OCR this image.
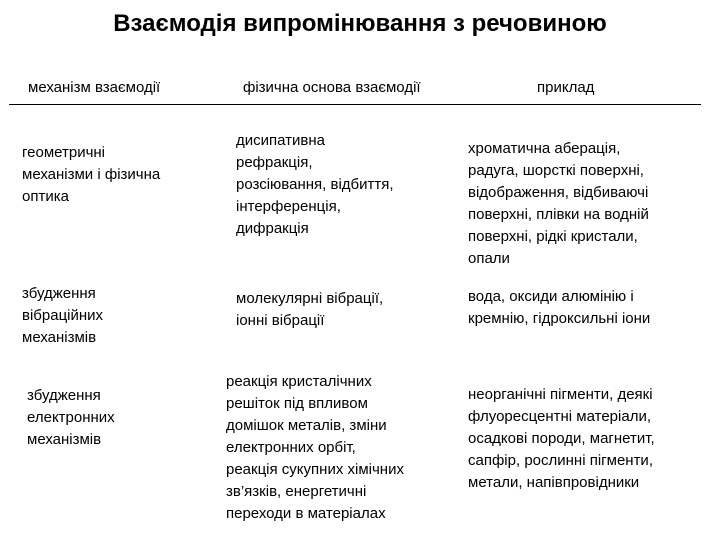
Взаємодія випромінювання з речовиною
механізм взаємодії	фізична основа взаємодії	приклад
геометричні
механізми і фізична
оптика
дисипативна
рефракція,
розсіювання, відбиття,
інтерференція,
дифракція
хроматична аберація,
радуга, шорсткі поверхні,
відображення, відбиваючі
поверхні, плівки на водній
поверхні, рідкі кристали,
опали
збудження
вібраційних
механізмів
молекулярні вібрації,
іонні вібрації
вода, оксиди алюмінію і
кремнію, гідроксильні іони
збудження
електронних
механізмів
реакція кристалічних
решіток під впливом
домішок металів, зміни
електронних орбіт,
реакція сукупних хімічних
зв’язків, енергетичні
переходи в матеріалах
неорганічні пігменти, деякі
флуоресцентні матеріали,
осадкові породи, магнетит,
сапфір, рослинні пігменти,
метали, напівпровідники
